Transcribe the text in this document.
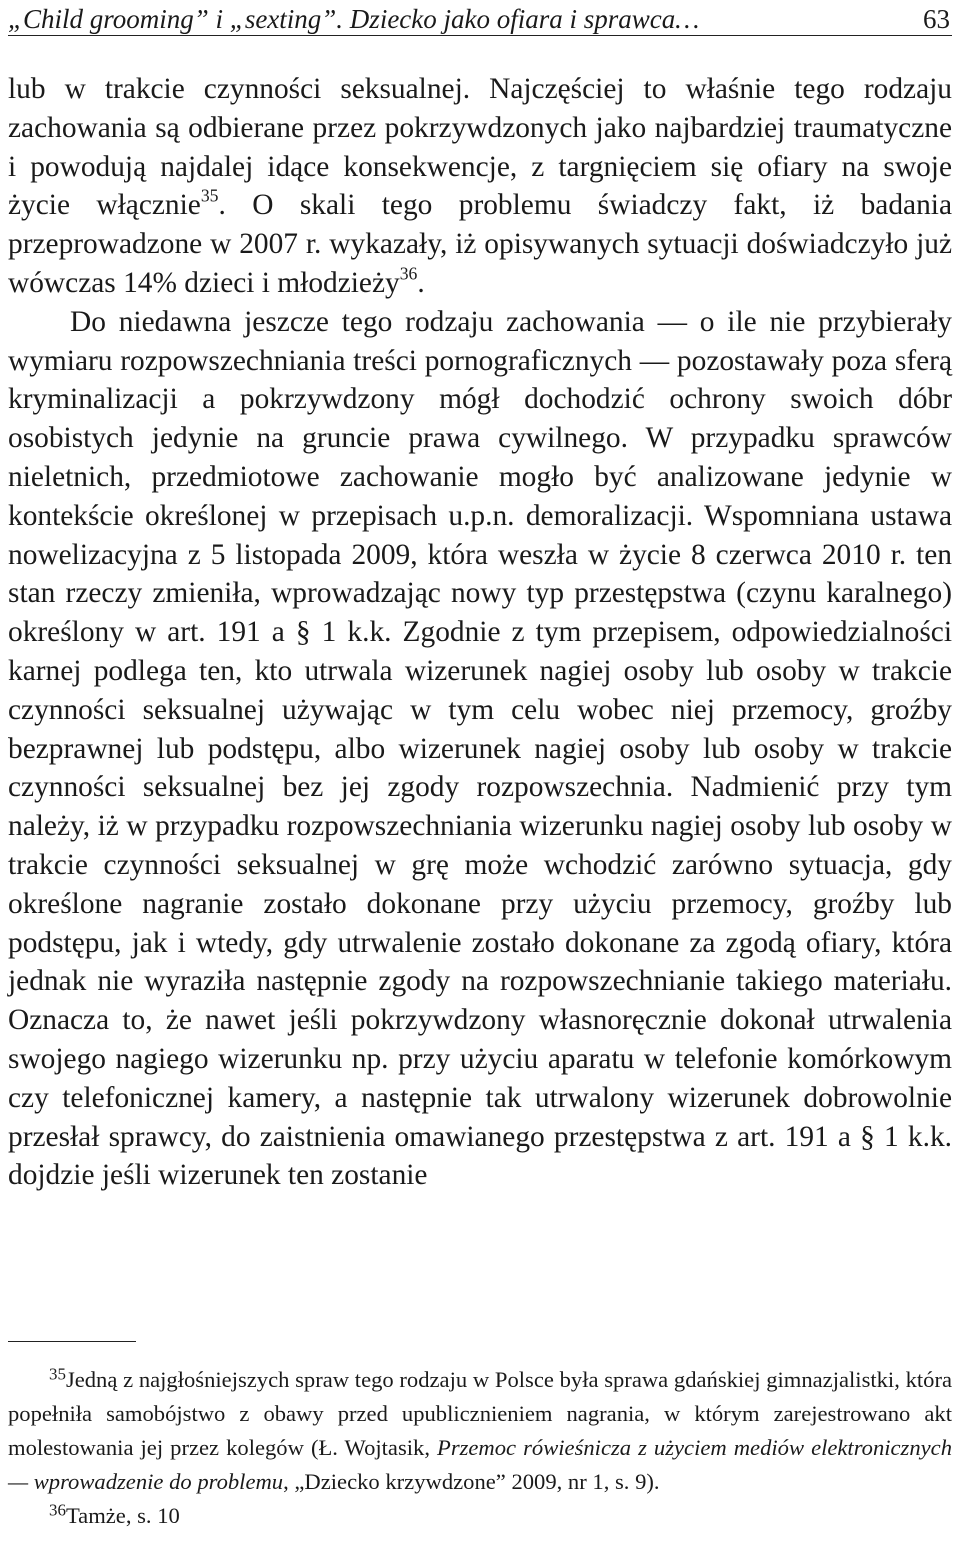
„Child grooming” i „sexting”. Dziecko jako ofiara i sprawca…	63

lub w trakcie czynności seksualnej. Najczęściej to właśnie tego rodzaju zachowania są odbierane przez pokrzywdzonych jako najbardziej traumatyczne i powodują najdalej idące konsekwencje, z targnięciem się ofiary na swoje życie włącznie$^{35}$. O skali tego problemu świadczy fakt, iż badania przeprowadzone w 2007 r. wykazały, iż opisywanych sytuacji doświadczyło już wówczas 14% dzieci i młodzieży$^{36}$.

Do niedawna jeszcze tego rodzaju zachowania — o ile nie przybierały wymiaru rozpowszechniania treści pornograficznych — pozostawały poza sferą kryminalizacji a pokrzywdzony mógł dochodzić ochrony swoich dóbr osobistych jedynie na gruncie prawa cywilnego. W przypadku sprawców nieletnich, przedmiotowe zachowanie mogło być analizowane jedynie w kontekście określonej w przepisach u.p.n. demoralizacji. Wspomniana ustawa nowelizacyjna z 5 listopada 2009, która weszła w życie 8 czerwca 2010 r. ten stan rzeczy zmieniła, wprowadzając nowy typ przestępstwa (czynu karalnego) określony w art. 191 a § 1 k.k. Zgodnie z tym przepisem, odpowiedzialności karnej podlega ten, kto utrwala wizerunek nagiej osoby lub osoby w trakcie czynności seksualnej używając w tym celu wobec niej przemocy, groźby bezprawnej lub podstępu, albo wizerunek nagiej osoby lub osoby w trakcie czynności seksualnej bez jej zgody rozpowszechnia. Nadmienić przy tym należy, iż w przypadku rozpowszechniania wizerunku nagiej osoby lub osoby w trakcie czynności seksualnej w grę może wchodzić zarówno sytuacja, gdy określone nagranie zostało dokonane przy użyciu przemocy, groźby lub podstępu, jak i wtedy, gdy utrwalenie zostało dokonane za zgodą ofiary, która jednak nie wyraziła następnie zgody na rozpowszechnianie takiego materiału. Oznacza to, że nawet jeśli pokrzywdzony własnoręcznie dokonał utrwalenia swojego nagiego wizerunku np. przy użyciu aparatu w telefonie komórkowym czy telefonicznej kamery, a następnie tak utrwalony wizerunek dobrowolnie przesłał sprawcy, do zaistnienia omawianego przestępstwa z art. 191 a § 1 k.k. dojdzie jeśli wizerunek ten zostanie

$^{35}$Jedną z najgłośniejszych spraw tego rodzaju w Polsce była sprawa gdańskiej gimnazjalistki, która popełniła samobójstwo z obawy przed upublicznieniem nagrania, w którym zarejestrowano akt molestowania jej przez kolegów (Ł. Wojtasik, Przemoc rówieśnicza z użyciem mediów elektronicznych — wprowadzenie do problemu, „Dziecko krzywdzone” 2009, nr 1, s. 9).

$^{36}$Tamże, s. 10
